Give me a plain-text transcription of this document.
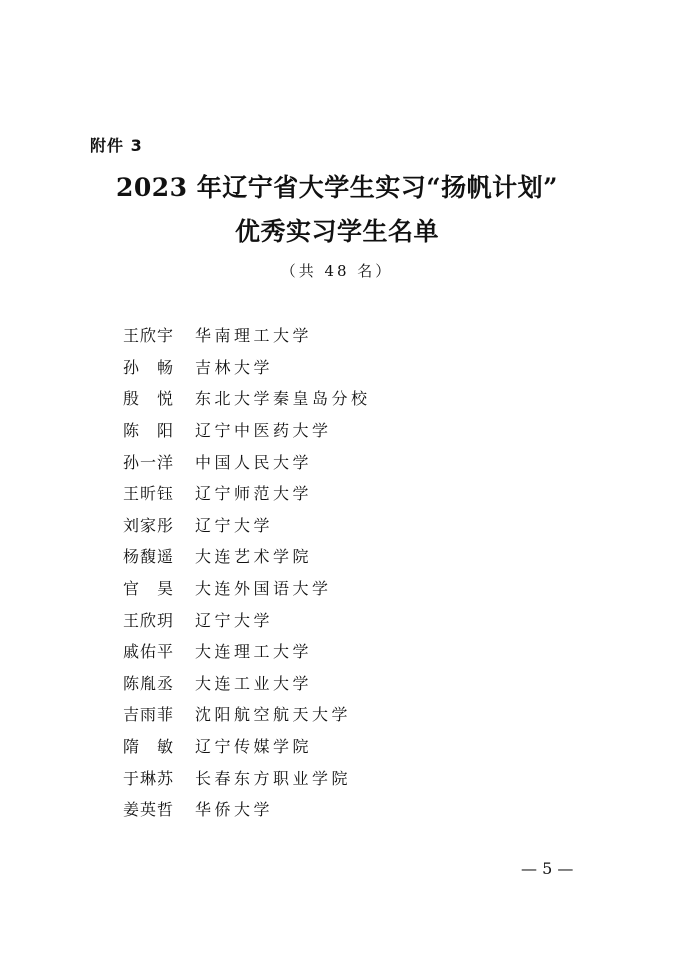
附件 3
2023 年辽宁省大学生实习“扬帆计划”
优秀实习学生名单
（共 48 名）
王 欣 宇 华南理工大学
孙
　 畅 吉林大学
殷
　 悦 东北大学秦皇岛分校
陈
　 阳 辽宁中医药大学
孙 一 洋 中国人民大学
王 昕 钰 辽宁师范大学
刘 家 彤 辽宁大学
杨 馥 遥 大连艺术学院
官
　 昊 大连外国语大学
王 欣 玥 辽宁大学
戚 佑 平 大连理工大学
陈 胤 丞 大连工业大学
吉 雨 菲 沈阳航空航天大学
隋
　 敏 辽宁传媒学院
于 琳 苏 长春东方职业学院
姜 英 哲 华侨大学
— 5 —
